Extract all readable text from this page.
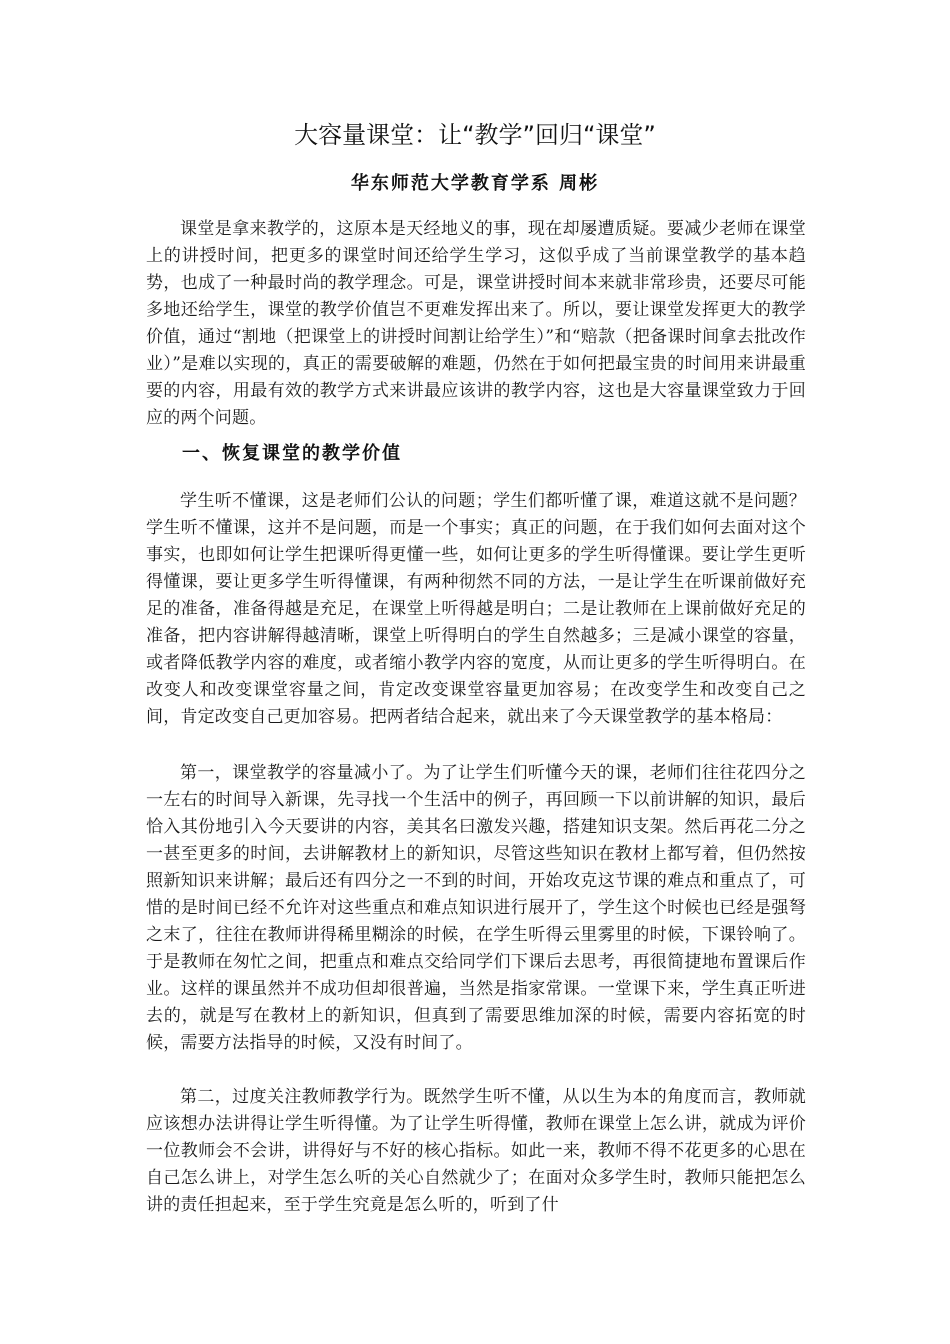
大容量课堂：让“教学”回归“课堂”
华东师范大学教育学系 周彬

课堂是拿来教学的，这原本是天经地义的事，现在却屡遭质疑。要减少老师在课堂上的讲授时间，把更多的课堂时间还给学生学习，这似乎成了当前课堂教学的基本趋势，也成了一种最时尚的教学理念。可是，课堂讲授时间本来就非常珍贵，还要尽可能多地还给学生，课堂的教学价值岂不更难发挥出来了。所以，要让课堂发挥更大的教学价值，通过“割地（把课堂上的讲授时间割让给学生）”和“赔款（把备课时间拿去批改作业）”是难以实现的，真正的需要破解的难题，仍然在于如何把最宝贵的时间用来讲最重要的内容，用最有效的教学方式来讲最应该讲的教学内容，这也是大容量课堂致力于回应的两个问题。

一、恢复课堂的教学价值

学生听不懂课，这是老师们公认的问题；学生们都听懂了课，难道这就不是问题？学生听不懂课，这并不是问题，而是一个事实；真正的问题，在于我们如何去面对这个事实，也即如何让学生把课听得更懂一些，如何让更多的学生听得懂课。要让学生更听得懂课，要让更多学生听得懂课，有两种彻然不同的方法，一是让学生在听课前做好充足的准备，准备得越是充足，在课堂上听得越是明白；二是让教师在上课前做好充足的准备，把内容讲解得越清晰，课堂上听得明白的学生自然越多；三是减小课堂的容量，或者降低教学内容的难度，或者缩小教学内容的宽度，从而让更多的学生听得明白。在改变人和改变课堂容量之间，肯定改变课堂容量更加容易；在改变学生和改变自己之间，肯定改变自己更加容易。把两者结合起来，就出来了今天课堂教学的基本格局：

第一，课堂教学的容量减小了。为了让学生们听懂今天的课，老师们往往花四分之一左右的时间导入新课，先寻找一个生活中的例子，再回顾一下以前讲解的知识，最后恰入其份地引入今天要讲的内容，美其名曰激发兴趣，搭建知识支架。然后再花二分之一甚至更多的时间，去讲解教材上的新知识，尽管这些知识在教材上都写着，但仍然按照新知识来讲解；最后还有四分之一不到的时间，开始攻克这节课的难点和重点了，可惜的是时间已经不允许对这些重点和难点知识进行展开了，学生这个时候也已经是强弩之末了，往往在教师讲得稀里糊涂的时候，在学生听得云里雾里的时候，下课铃响了。于是教师在匆忙之间，把重点和难点交给同学们下课后去思考，再很简捷地布置课后作业。这样的课虽然并不成功但却很普遍，当然是指家常课。一堂课下来，学生真正听进去的，就是写在教材上的新知识，但真到了需要思维加深的时候，需要内容拓宽的时候，需要方法指导的时候，又没有时间了。

第二，过度关注教师教学行为。既然学生听不懂，从以生为本的角度而言，教师就应该想办法讲得让学生听得懂。为了让学生听得懂，教师在课堂上怎么讲，就成为评价一位教师会不会讲，讲得好与不好的核心指标。如此一来，教师不得不花更多的心思在自己怎么讲上，对学生怎么听的关心自然就少了；在面对众多学生时，教师只能把怎么讲的责任担起来，至于学生究竟是怎么听的，听到了什
